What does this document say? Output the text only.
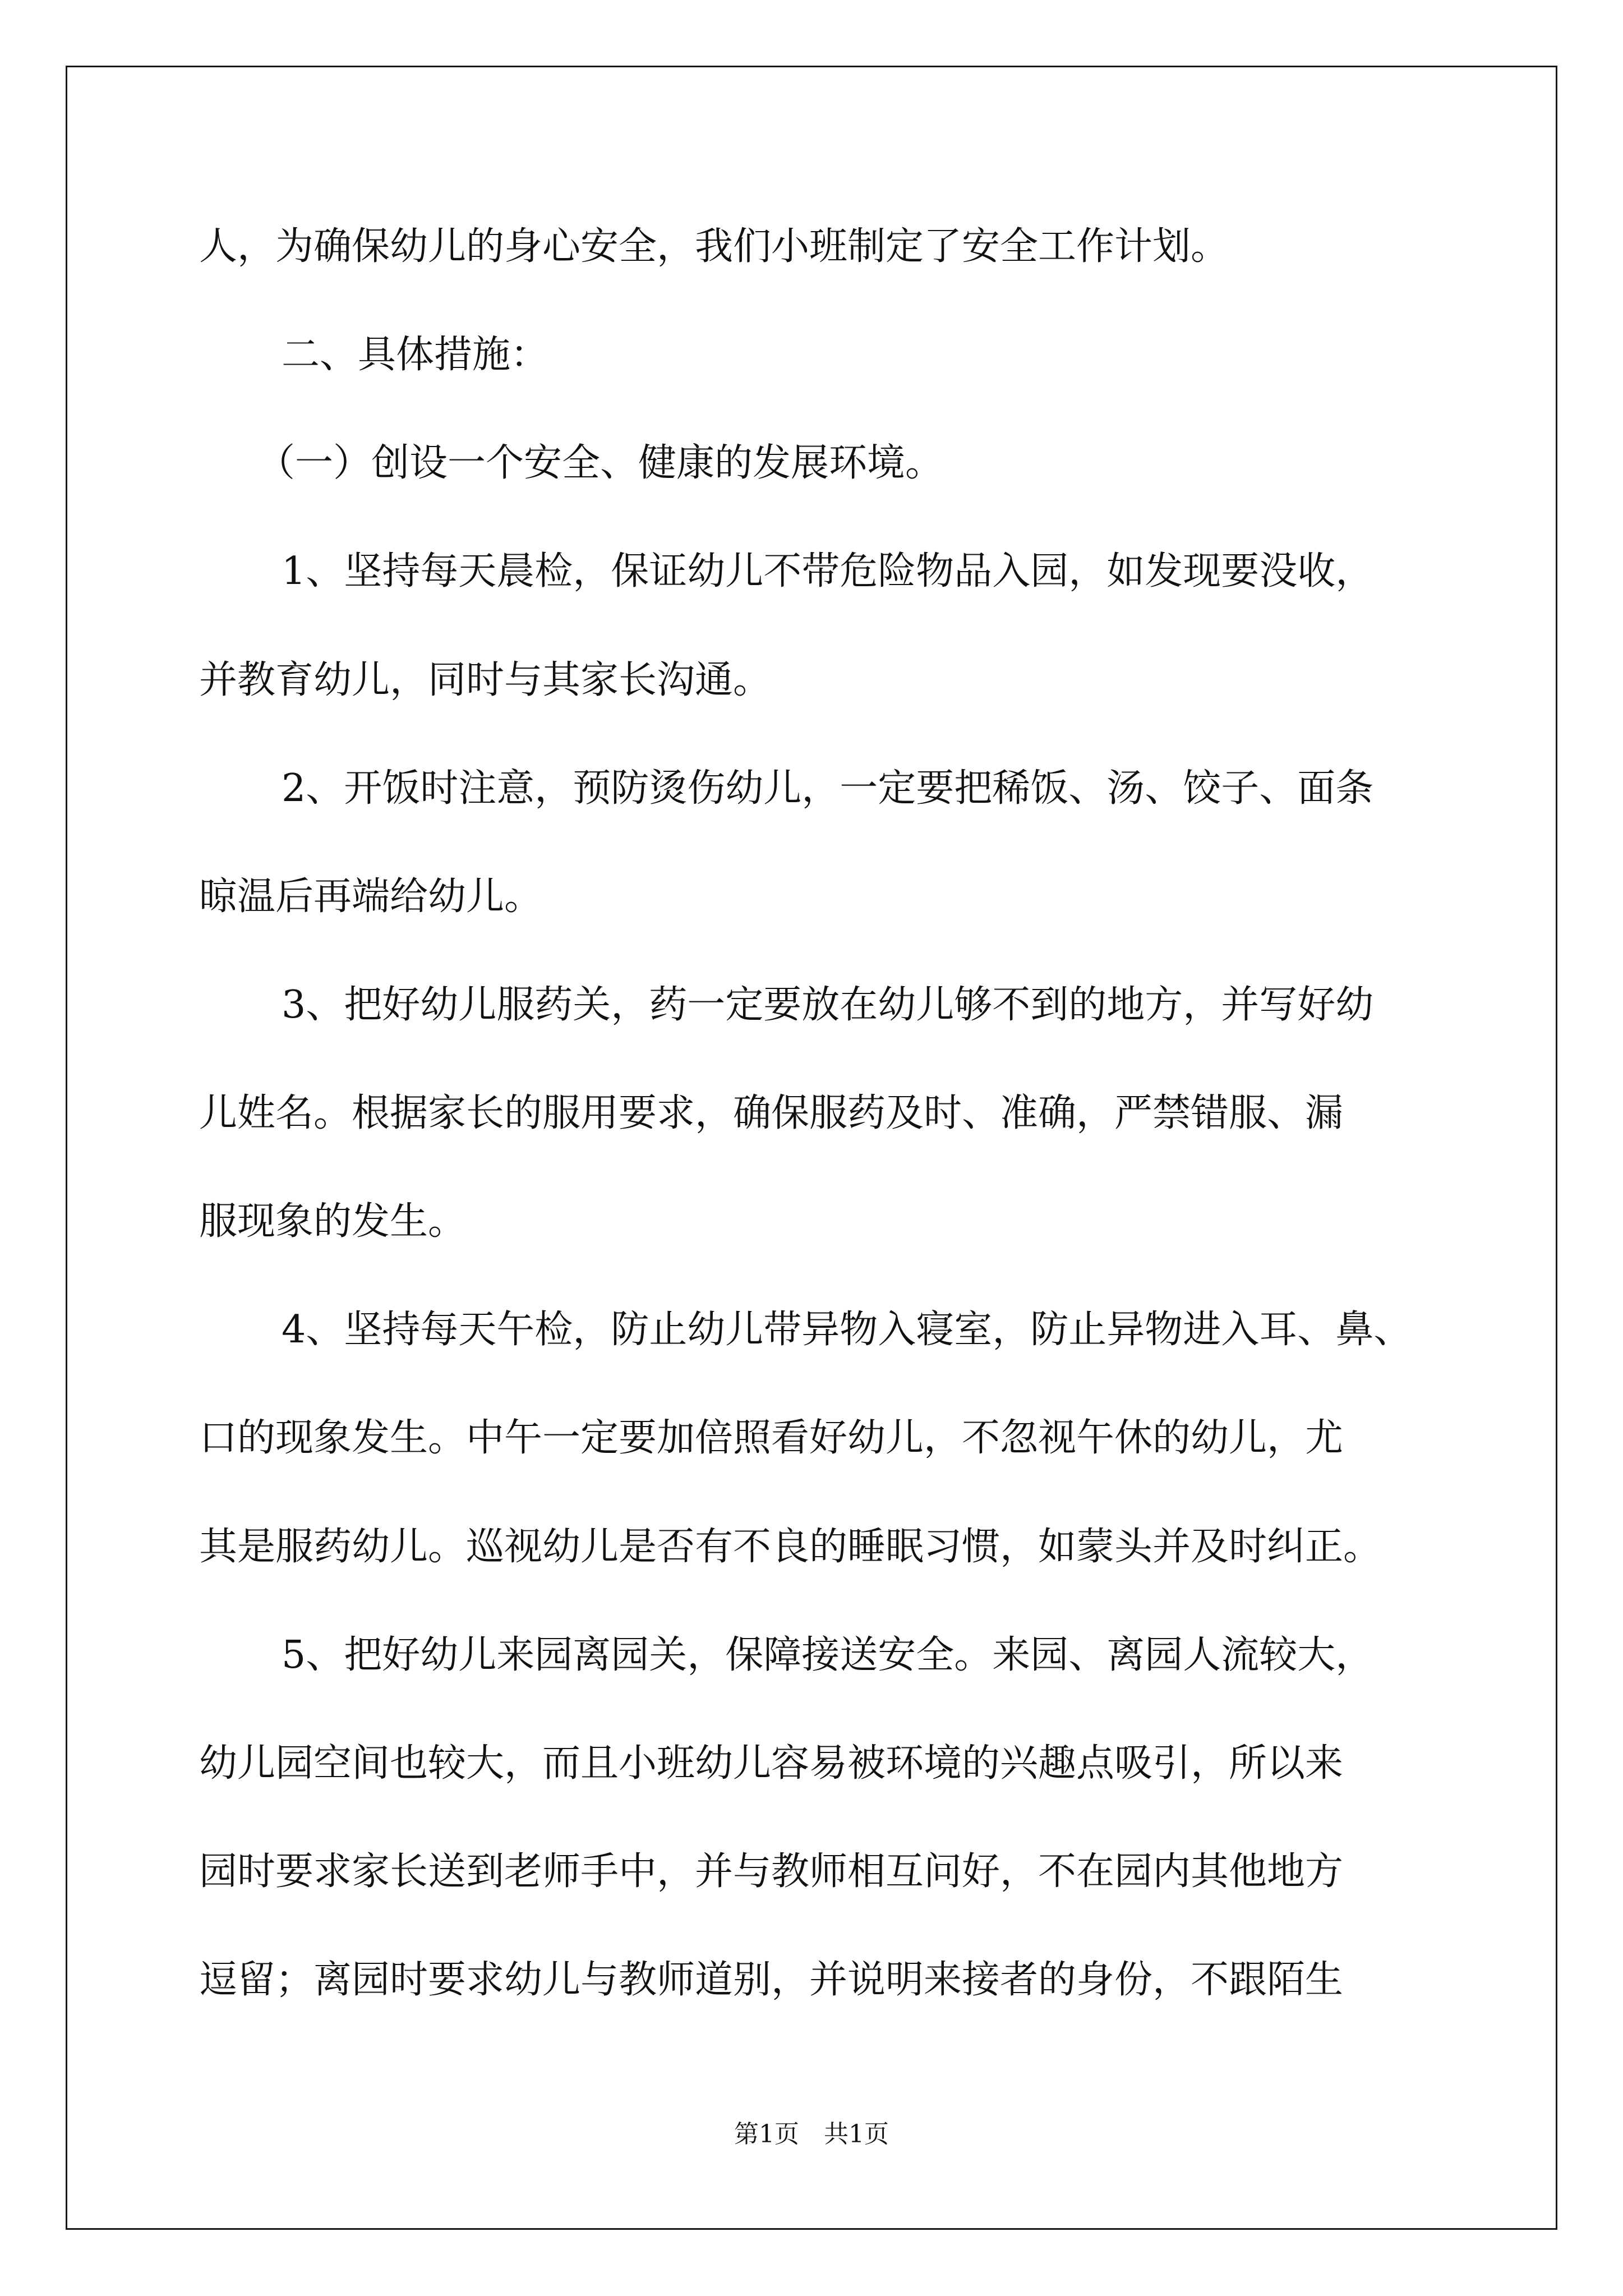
人，为确保幼儿的身心安全，我们小班制定了安全工作计划。

二、具体措施：

（一）创设一个安全、健康的发展环境。

1、坚持每天晨检，保证幼儿不带危险物品入园，如发现要没收，

并教育幼儿，同时与其家长沟通。

2、开饭时注意，预防烫伤幼儿，一定要把稀饭、汤、饺子、面条

晾温后再端给幼儿。

3、把好幼儿服药关，药一定要放在幼儿够不到的地方，并写好幼

儿姓名。根据家长的服用要求，确保服药及时、准确，严禁错服、漏

服现象的发生。

4、坚持每天午检，防止幼儿带异物入寝室，防止异物进入耳、鼻、

口的现象发生。中午一定要加倍照看好幼儿，不忽视午休的幼儿，尤

其是服药幼儿。巡视幼儿是否有不良的睡眠习惯，如蒙头并及时纠正。

5、把好幼儿来园离园关，保障接送安全。来园、离园人流较大，

幼儿园空间也较大，而且小班幼儿容易被环境的兴趣点吸引，所以来

园时要求家长送到老师手中，并与教师相互问好，不在园内其他地方

逗留；离园时要求幼儿与教师道别，并说明来接者的身份，不跟陌生

第1页　共1页
